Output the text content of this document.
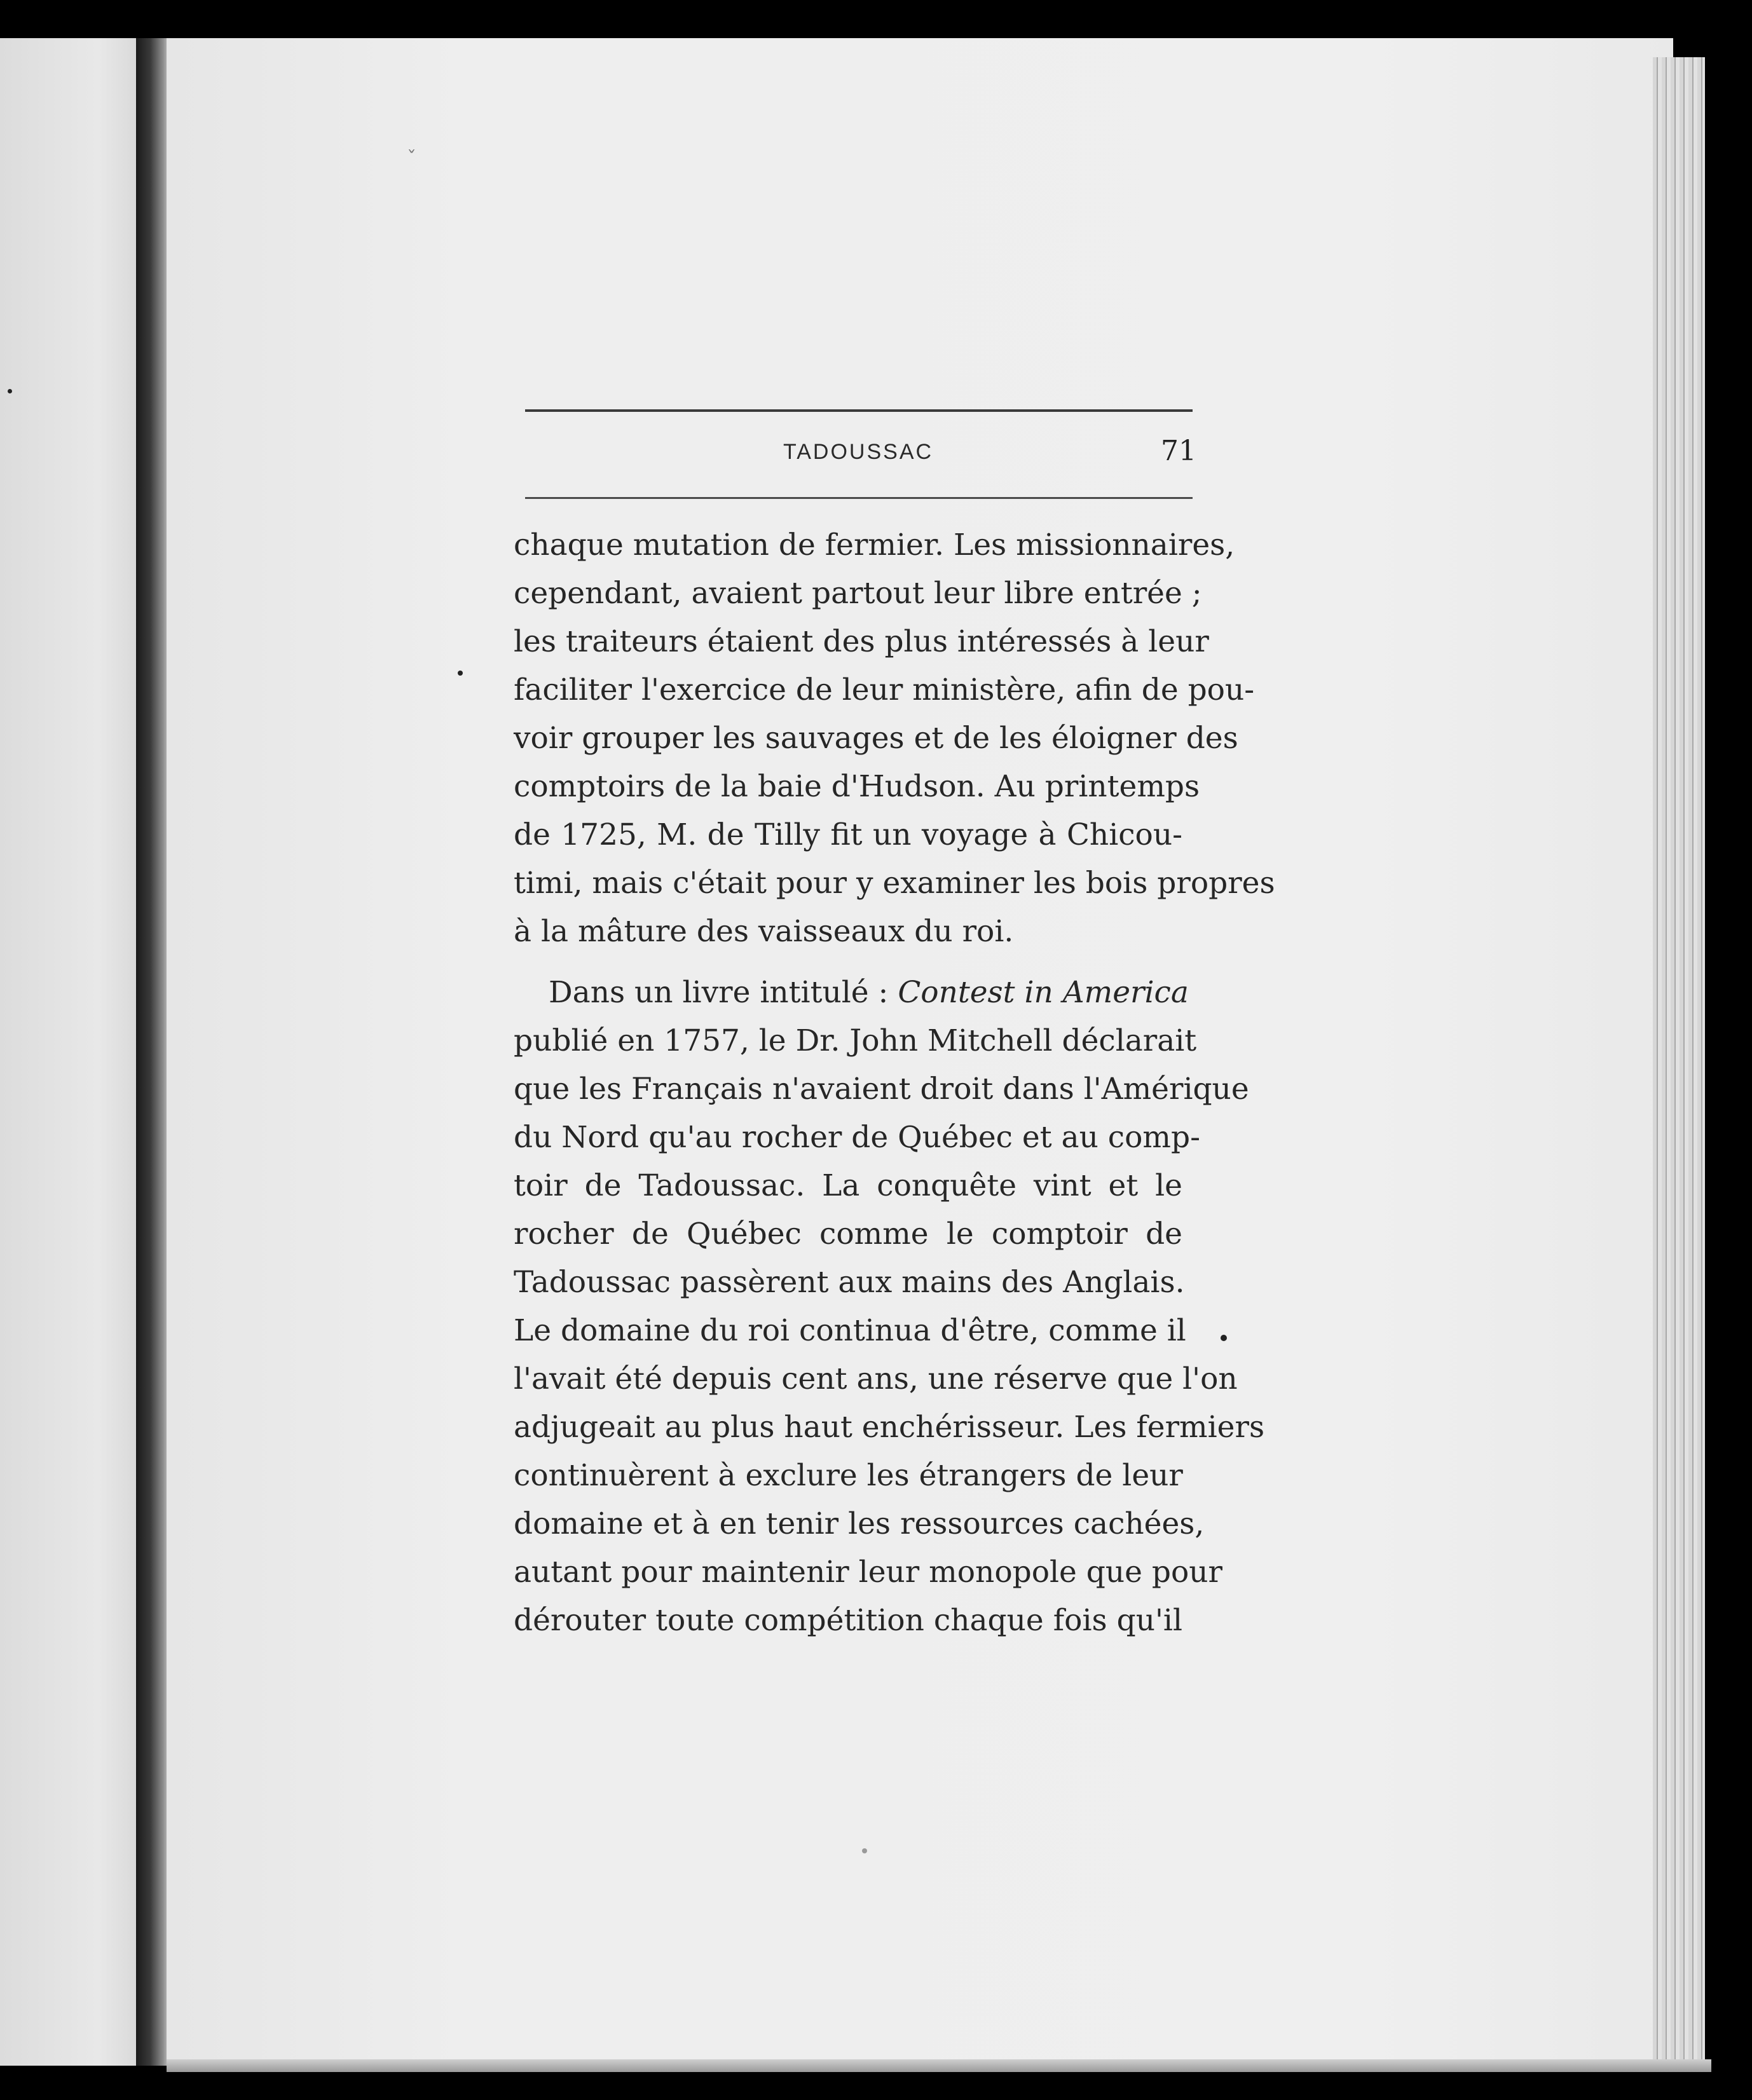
ˇ
TADOUSSAC	71
chaque mutation de fermier. Les missionnaires,
cependant, avaient partout leur libre entrée ;
les traiteurs étaient des plus intéressés à leur
faciliter l'exercice de leur ministère, afin de pou-
voir grouper les sauvages et de les éloigner des
comptoirs de la baie d'Hudson. Au printemps
de 1725, M. de Tilly fit un voyage à Chicou-
timi, mais c'était pour y examiner les bois propres
à la mâture des vaisseaux du roi.
Dans un livre intitulé : Contest in America
publié en 1757, le Dr. John Mitchell déclarait
que les Français n'avaient droit dans l'Amérique
du Nord qu'au rocher de Québec et au comp-
toir de Tadoussac. La conquête vint et le
rocher de Québec comme le comptoir de
Tadoussac passèrent aux mains des Anglais.
Le domaine du roi continua d'être, comme il
l'avait été depuis cent ans, une réserve que l'on
adjugeait au plus haut enchérisseur. Les fermiers
continuèrent à exclure les étrangers de leur
domaine et à en tenir les ressources cachées,
autant pour maintenir leur monopole que pour
dérouter toute compétition chaque fois qu'il
